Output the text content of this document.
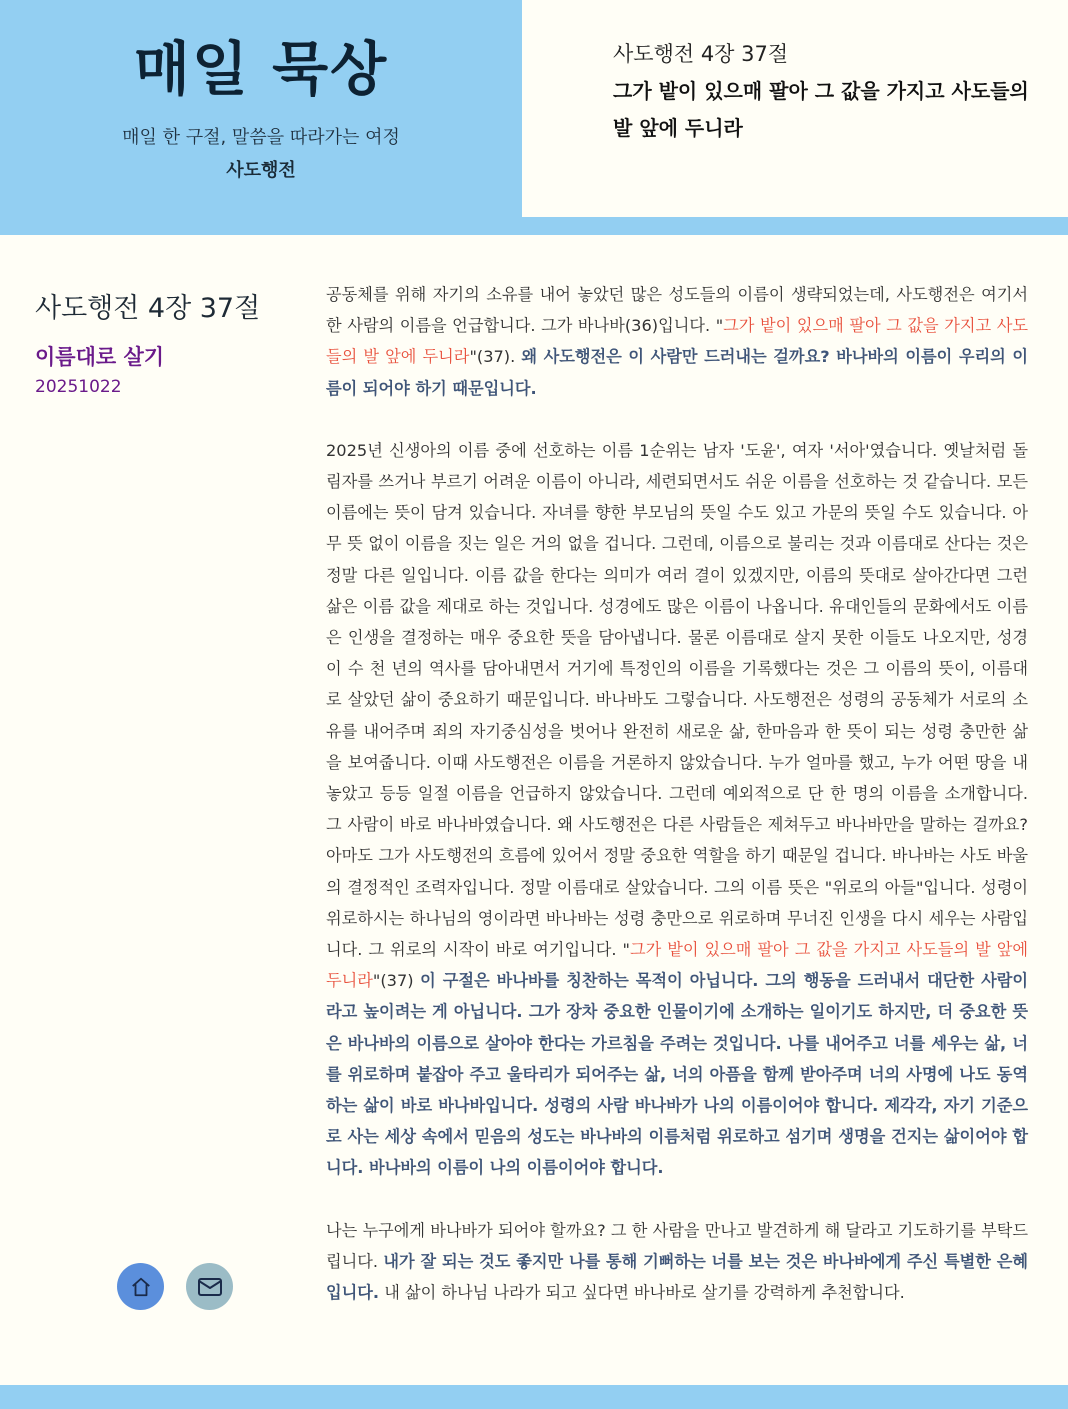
매일 묵상
매일 한 구절, 말씀을 따라가는 여정
사도행전
사도행전 4장 37절
그가 밭이 있으매 팔아 그 값을 가지고 사도들의 발 앞에 두니라
사도행전 4장 37절
이름대로 살기
20251022

공동체를 위해 자기의 소유를 내어 놓았던 많은 성도들의 이름이 생략되었는데, 사도행전은 여기서 한 사람의 이름을 언급합니다. 그가 바나바(36)입니다. "그가 밭이 있으매 팔아 그 값을 가지고 사도들의 발 앞에 두니라"(37). 왜 사도행전은 이 사람만 드러내는 걸까요? 바나바의 이름이 우리의 이름이 되어야 하기 때문입니다.

2025년 신생아의 이름 중에 선호하는 이름 1순위는 남자 '도윤', 여자 '서아'였습니다. 옛날처럼 돌림자를 쓰거나 부르기 어려운 이름이 아니라, 세련되면서도 쉬운 이름을 선호하는 것 같습니다. 모든 이름에는 뜻이 담겨 있습니다. 자녀를 향한 부모님의 뜻일 수도 있고 가문의 뜻일 수도 있습니다. 아무 뜻 없이 이름을 짓는 일은 거의 없을 겁니다. 그런데, 이름으로 불리는 것과 이름대로 산다는 것은 정말 다른 일입니다. 이름 값을 한다는 의미가 여러 결이 있겠지만, 이름의 뜻대로 살아간다면 그런 삶은 이름 값을 제대로 하는 것입니다. 성경에도 많은 이름이 나옵니다. 유대인들의 문화에서도 이름은 인생을 결정하는 매우 중요한 뜻을 담아냅니다. 물론 이름대로 살지 못한 이들도 나오지만, 성경이 수 천 년의 역사를 담아내면서 거기에 특정인의 이름을 기록했다는 것은 그 이름의 뜻이, 이름대로 살았던 삶이 중요하기 때문입니다. 바나바도 그렇습니다. 사도행전은 성령의 공동체가 서로의 소유를 내어주며 죄의 자기중심성을 벗어나 완전히 새로운 삶, 한마음과 한 뜻이 되는 성령 충만한 삶을 보여줍니다. 이때 사도행전은 이름을 거론하지 않았습니다. 누가 얼마를 했고, 누가 어떤 땅을 내놓았고 등등 일절 이름을 언급하지 않았습니다. 그런데 예외적으로 단 한 명의 이름을 소개합니다. 그 사람이 바로 바나바였습니다. 왜 사도행전은 다른 사람들은 제쳐두고 바나바만을 말하는 걸까요? 아마도 그가 사도행전의 흐름에 있어서 정말 중요한 역할을 하기 때문일 겁니다. 바나바는 사도 바울의 결정적인 조력자입니다. 정말 이름대로 살았습니다. 그의 이름 뜻은 "위로의 아들"입니다. 성령이 위로하시는 하나님의 영이라면 바나바는 성령 충만으로 위로하며 무너진 인생을 다시 세우는 사람입니다. 그 위로의 시작이 바로 여기입니다. "그가 밭이 있으매 팔아 그 값을 가지고 사도들의 발 앞에 두니라"(37) 이 구절은 바나바를 칭찬하는 목적이 아닙니다. 그의 행동을 드러내서 대단한 사람이라고 높이려는 게 아닙니다. 그가 장차 중요한 인물이기에 소개하는 일이기도 하지만, 더 중요한 뜻은 바나바의 이름으로 살아야 한다는 가르침을 주려는 것입니다. 나를 내어주고 너를 세우는 삶, 너를 위로하며 붙잡아 주고 울타리가 되어주는 삶, 너의 아픔을 함께 받아주며 너의 사명에 나도 동역하는 삶이 바로 바나바입니다. 성령의 사람 바나바가 나의 이름이어야 합니다. 제각각, 자기 기준으로 사는 세상 속에서 믿음의 성도는 바나바의 이름처럼 위로하고 섬기며 생명을 건지는 삶이어야 합니다. 바나바의 이름이 나의 이름이어야 합니다.

나는 누구에게 바나바가 되어야 할까요? 그 한 사람을 만나고 발견하게 해 달라고 기도하기를 부탁드립니다. 내가 잘 되는 것도 좋지만 나를 통해 기뻐하는 너를 보는 것은 바나바에게 주신 특별한 은혜입니다. 내 삶이 하나님 나라가 되고 싶다면 바나바로 살기를 강력하게 추천합니다.
